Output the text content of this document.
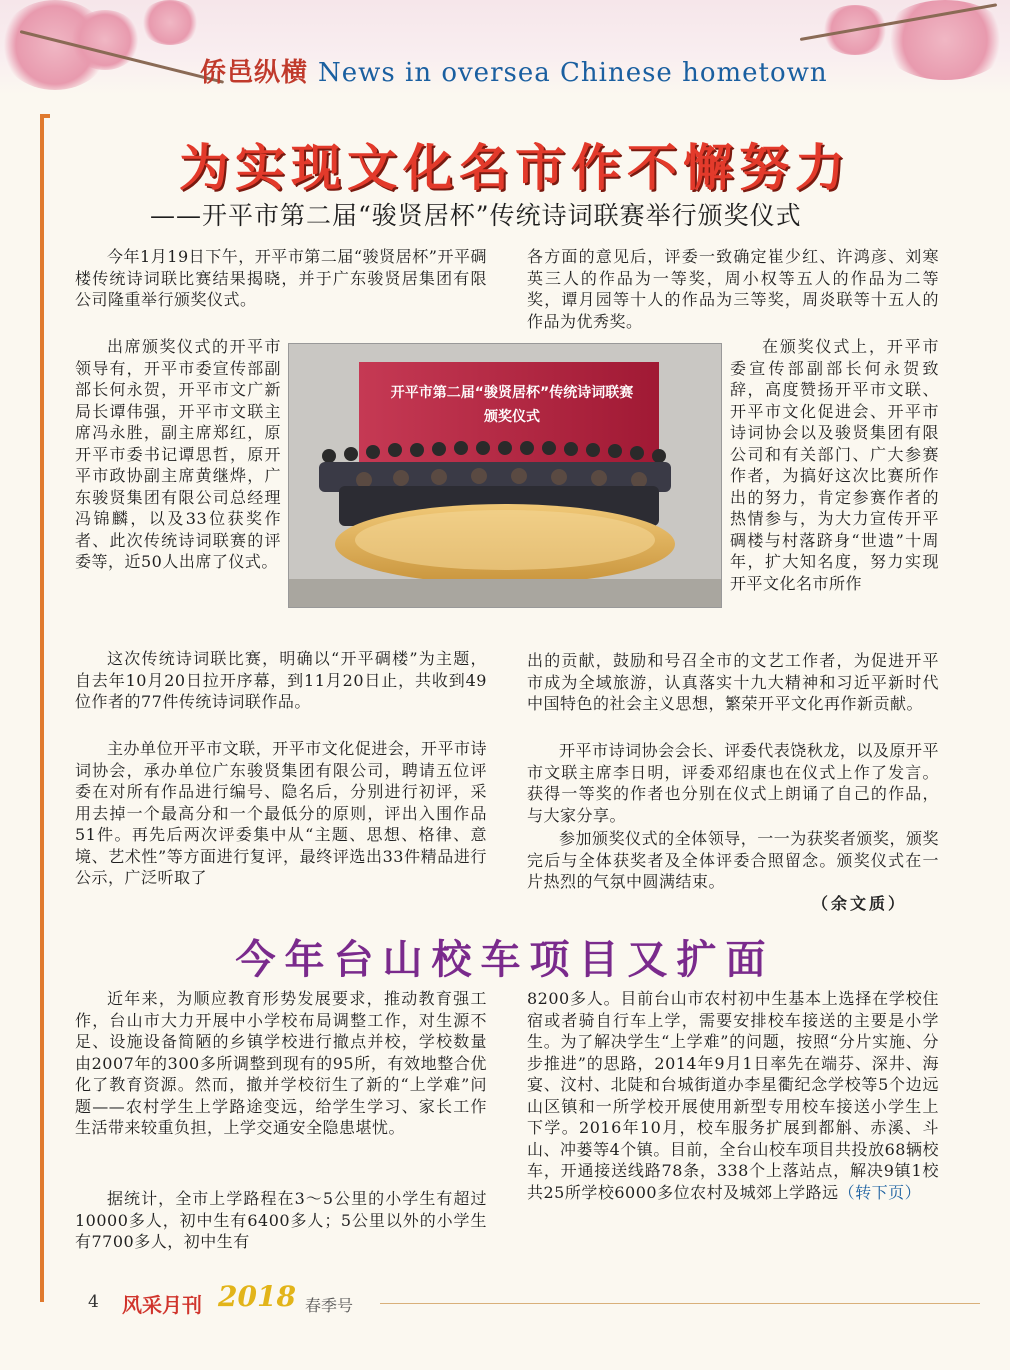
侨邑纵横 News in oversea Chinese hometown
为实现文化名市作不懈努力
——开平市第二届“骏贤居杯”传统诗词联赛举行颁奖仪式
今年1月19日下午，开平市第二届“骏贤居杯”开平碉楼传统诗词联比赛结果揭晓，并于广东骏贤居集团有限公司隆重举行颁奖仪式。
出席颁奖仪式的开平市领导有，开平市委宣传部副部长何永贺，开平市文广新局长谭伟强，开平市文联主席冯永胜，副主席郑红，原开平市委书记谭思哲，原开平市政协副主席黄继烨，广东骏贤集团有限公司总经理冯锦麟，以及33位获奖作者、此次传统诗词联赛的评委等，近50人出席了仪式。
开平市第二届“骏贤居杯”传统诗词联赛
颁奖仪式
这次传统诗词联比赛，明确以“开平碉楼”为主题，自去年10月20日拉开序幕，到11月20日止，共收到49位作者的77件传统诗词联作品。
主办单位开平市文联，开平市文化促进会，开平市诗词协会，承办单位广东骏贤集团有限公司，聘请五位评委在对所有作品进行编号、隐名后，分别进行初评，采用去掉一个最高分和一个最低分的原则，评出入围作品51件。再先后两次评委集中从“主题、思想、格律、意境、艺术性”等方面进行复评，最终评选出33件精品进行公示，广泛听取了
各方面的意见后，评委一致确定崔少红、许鸿彦、刘寒英三人的作品为一等奖，周小权等五人的作品为二等奖，谭月园等十人的作品为三等奖，周炎联等十五人的作品为优秀奖。
在颁奖仪式上，开平市委宣传部副部长何永贺致辞，高度赞扬开平市文联、开平市文化促进会、开平市诗词协会以及骏贤集团有限公司和有关部门、广大参赛作者，为搞好这次比赛所作出的努力，肯定参赛作者的热情参与，为大力宣传开平碉楼与村落跻身“世遗”十周年，扩大知名度，努力实现开平文化名市所作
出的贡献，鼓励和号召全市的文艺工作者，为促进开平市成为全域旅游，认真落实十九大精神和习近平新时代中国特色的社会主义思想，繁荣开平文化再作新贡献。
开平市诗词协会会长、评委代表饶秋龙，以及原开平市文联主席李日明，评委邓绍康也在仪式上作了发言。获得一等奖的作者也分别在仪式上朗诵了自己的作品，与大家分享。
参加颁奖仪式的全体领导，一一为获奖者颁奖，颁奖完后与全体获奖者及全体评委合照留念。颁奖仪式在一片热烈的气氛中圆满结束。
（余文质）
今年台山校车项目又扩面
近年来，为顺应教育形势发展要求，推动教育强工作，台山市大力开展中小学校布局调整工作，对生源不足、设施设备简陋的乡镇学校进行撤点并校，学校数量由2007年的300多所调整到现有的95所，有效地整合优化了教育资源。然而，撤并学校衍生了新的“上学难”问题——农村学生上学路途变远，给学生学习、家长工作生活带来较重负担，上学交通安全隐患堪忧。
据统计，全市上学路程在3～5公里的小学生有超过10000多人，初中生有6400多人；5公里以外的小学生有7700多人，初中生有
8200多人。目前台山市农村初中生基本上选择在学校住宿或者骑自行车上学，需要安排校车接送的主要是小学生。为了解决学生“上学难”的问题，按照“分片实施、分步推进”的思路，2014年9月1日率先在端芬、深井、海宴、汶村、北陡和台城街道办李星衢纪念学校等5个边远山区镇和一所学校开展使用新型专用校车接送小学生上下学。2016年10月，校车服务扩展到都斛、赤溪、斗山、冲蒌等4个镇。目前，全台山校车项目共投放68辆校车，开通接送线路78条，338个上落站点，解决9镇1校共25所学校6000多位农村及城郊上学路远（转下页）
4 风采月刊 2018 春季号
